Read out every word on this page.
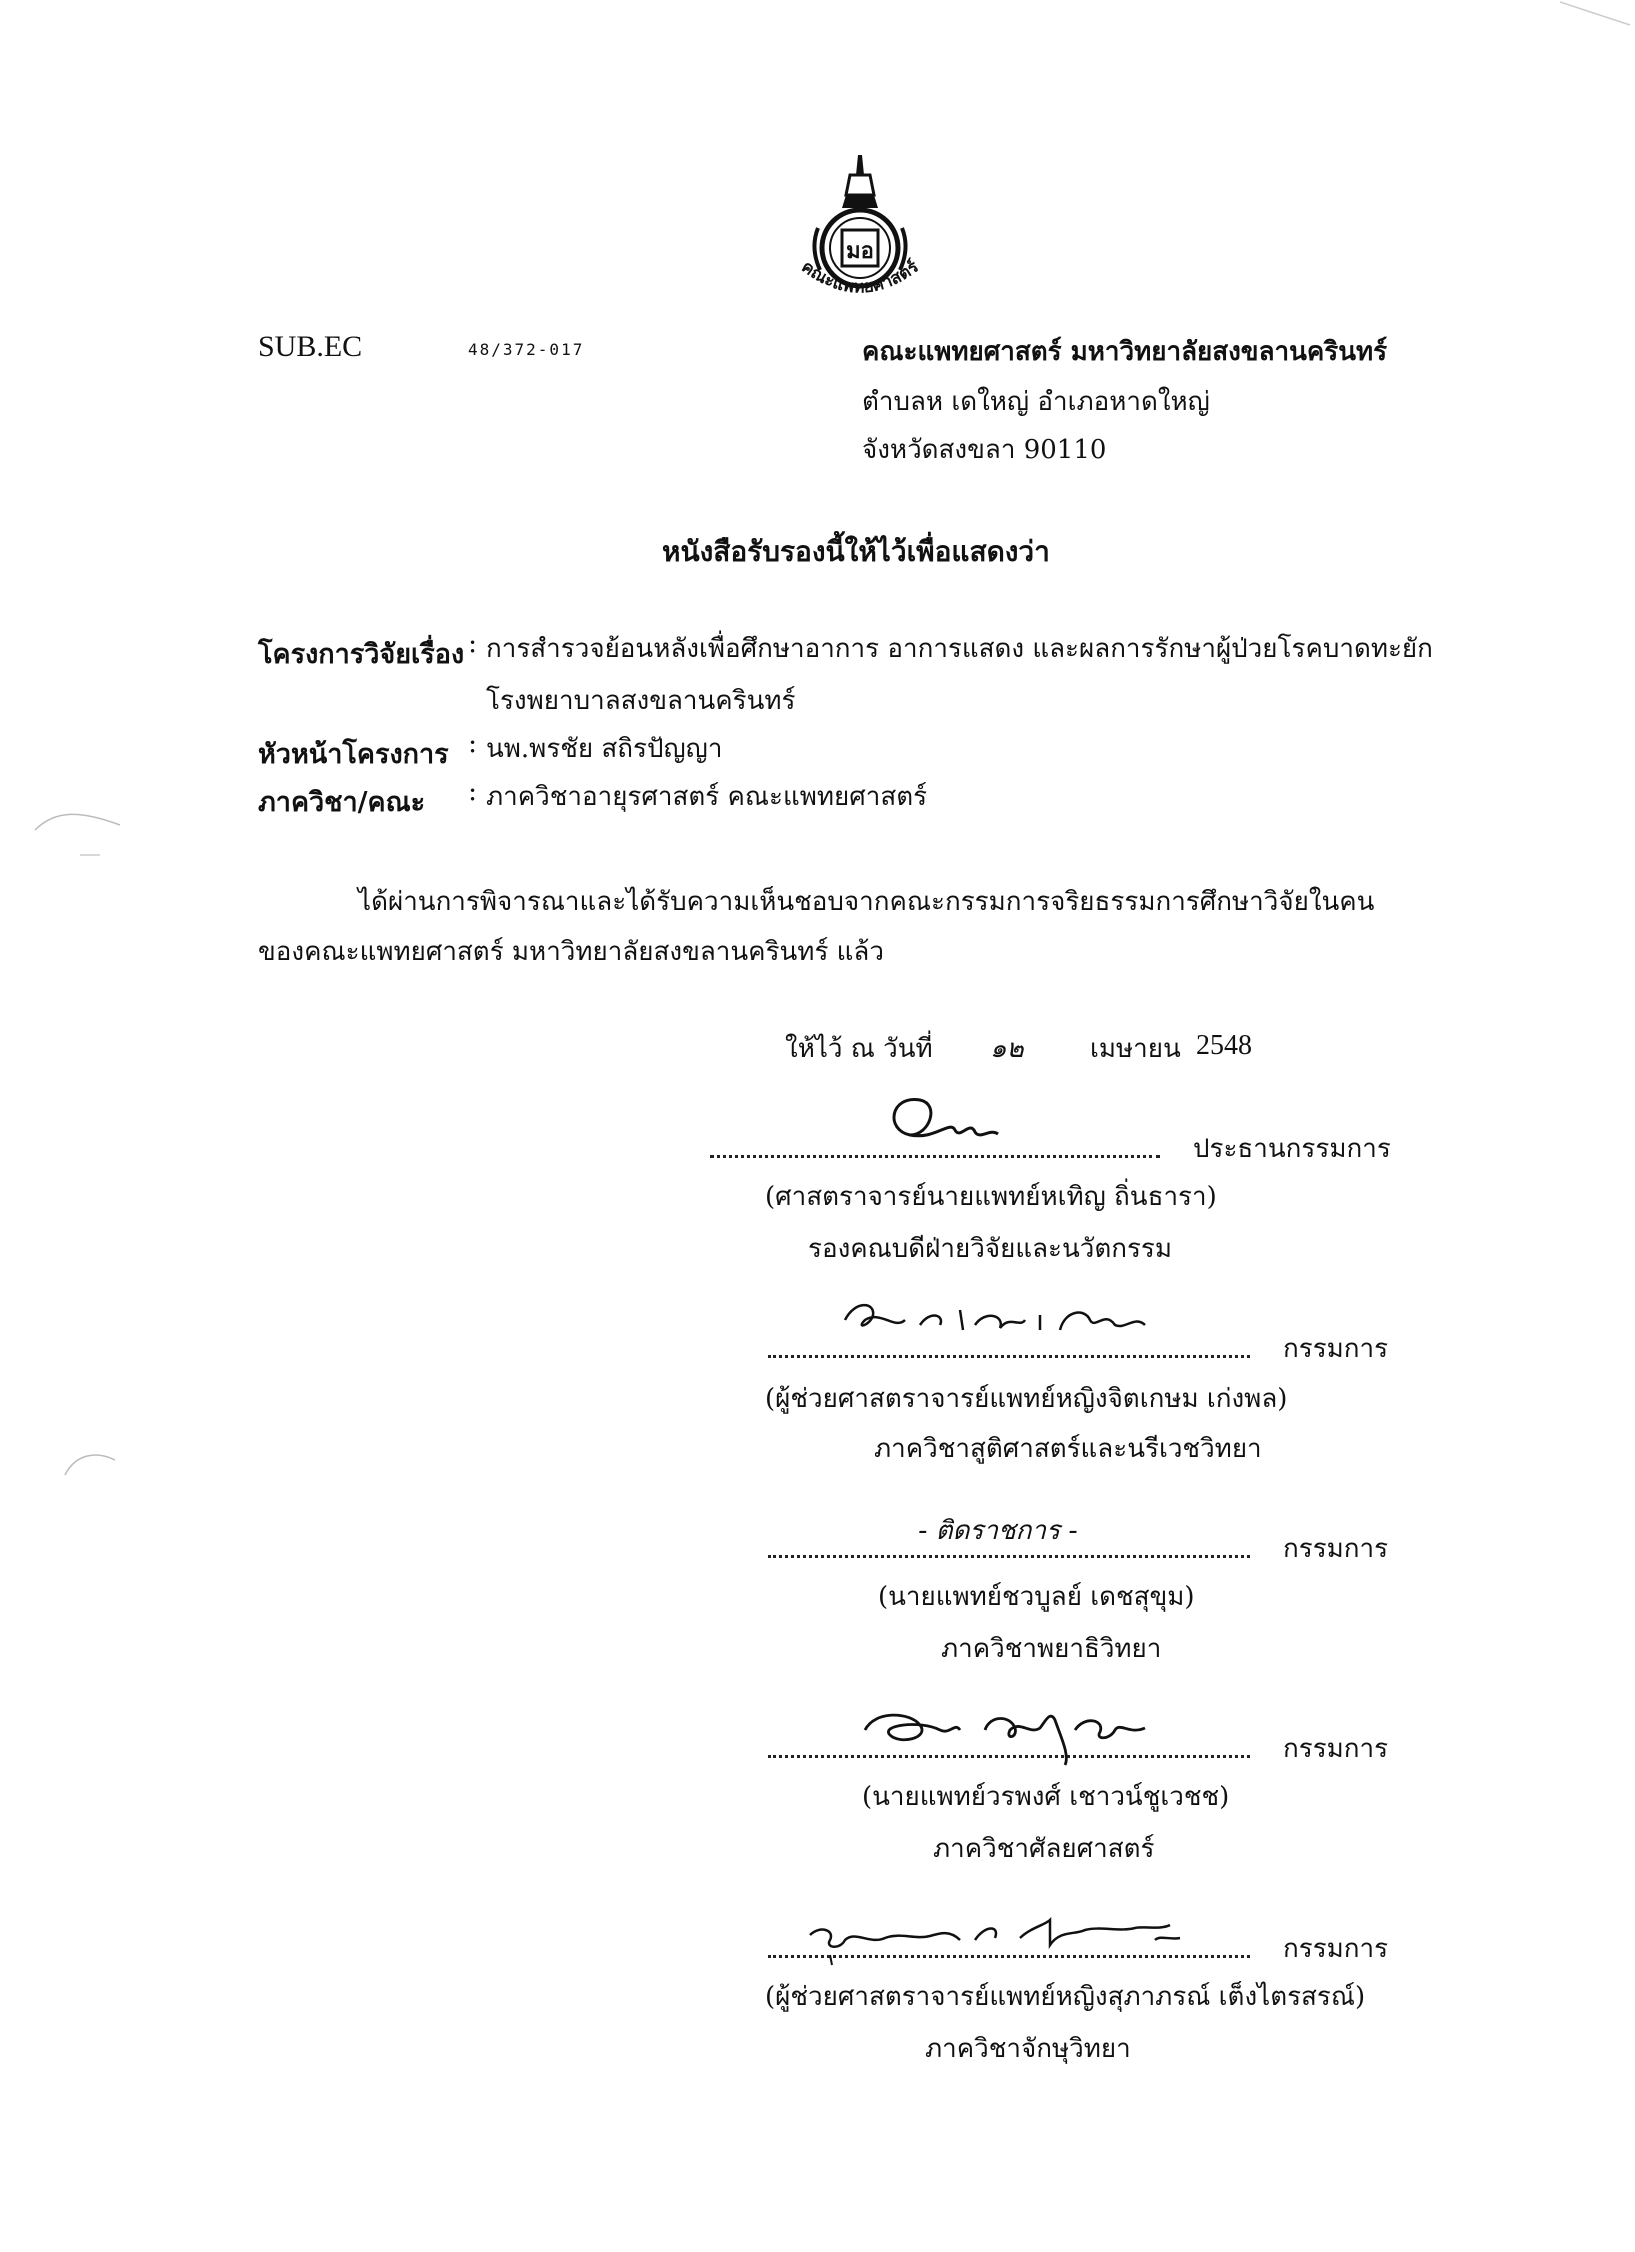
มอ
คณะแพทยศาสตร์
SUB.EC	48/372-017	คณะแพทยศาสตร์ มหาวิทยาลัยสงขลานครินทร์
ตำบลห เดใหญ่ อำเภอหาดใหญ่
จังหวัดสงขลา 90110
หนังสือรับรองนี้ให้ไว้เพื่อแสดงว่า
โครงการวิจัยเรื่อง : การสำรวจย้อนหลังเพื่อศึกษาอาการ อาการแสดง และผลการรักษาผู้ป่วยโรคบาดทะยัก
โรงพยาบาลสงขลานครินทร์
หัวหน้าโครงการ : นพ.พรชัย สถิรปัญญา
ภาควิชา/คณะ : ภาควิชาอายุรศาสตร์ คณะแพทยศาสตร์
ได้ผ่านการพิจารณาและได้รับความเห็นชอบจากคณะกรรมการจริยธรรมการศึกษาวิจัยในคน
ของคณะแพทยศาสตร์ มหาวิทยาลัยสงขลานครินทร์ แล้ว
ให้ไว้ ณ วันที่ ๑๒	เมษายน 2548
ประธานกรรมการ
(ศาสตราจารย์นายแพทย์หเทิญ ถิ่นธารา)
รองคณบดีฝ่ายวิจัยและนวัตกรรม
กรรมการ
(ผู้ช่วยศาสตราจารย์แพทย์หญิงจิตเกษม เก่งพล)
ภาควิชาสูติศาสตร์และนรีเวชวิทยา
- ติดราชการ -
กรรมการ
(นายแพทย์ชวบูลย์ เดชสุขุม)
ภาควิชาพยาธิวิทยา
กรรมการ
(นายแพทย์วรพงศ์ เชาวน์ชูเวชช)
ภาควิชาศัลยศาสตร์
กรรมการ
(ผู้ช่วยศาสตราจารย์แพทย์หญิงสุภาภรณ์ เต็งไตรสรณ์)
ภาควิชาจักษุวิทยา
